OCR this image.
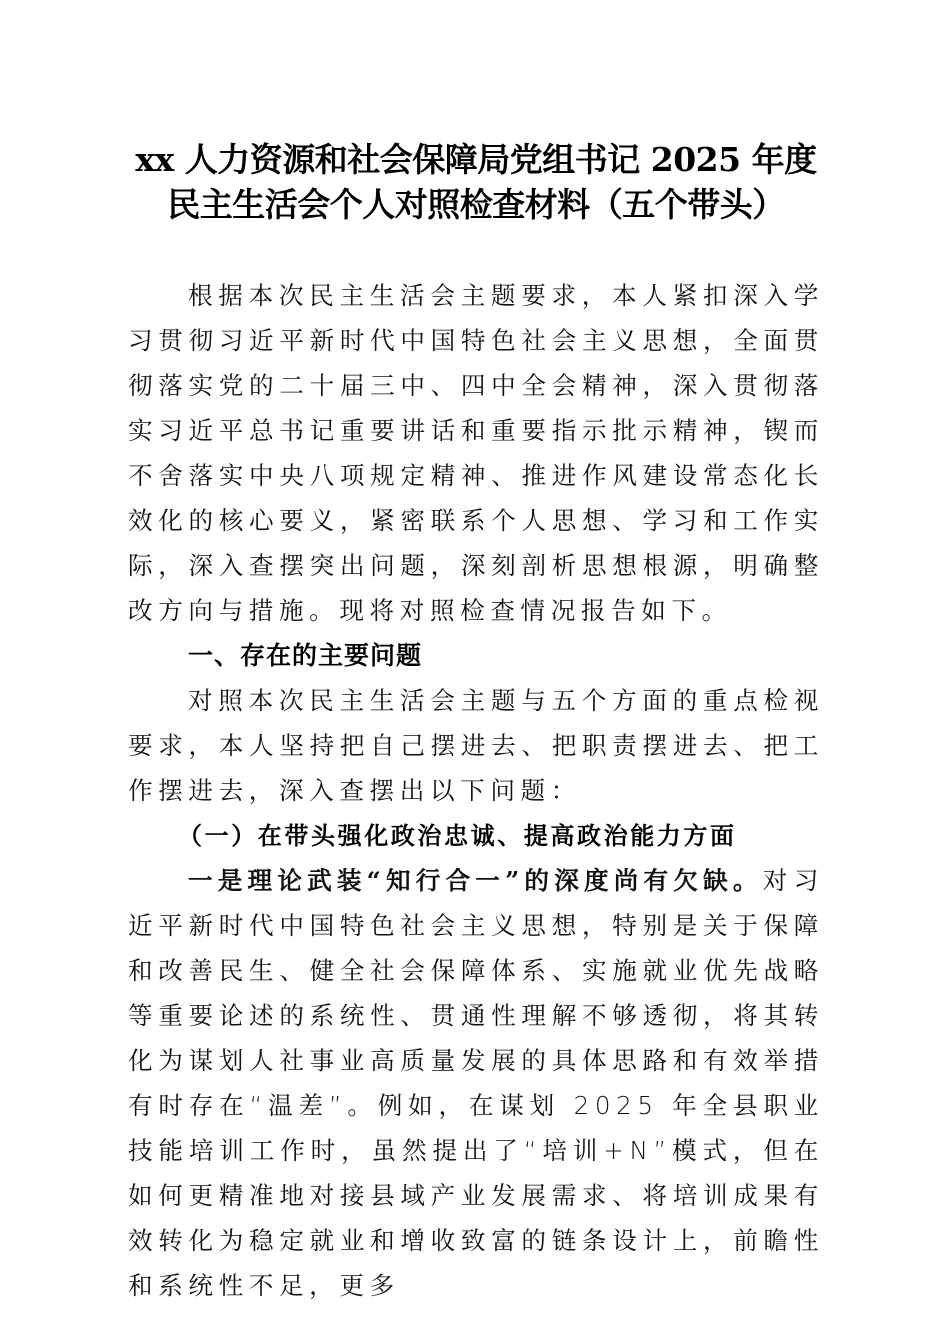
xx 人力资源和社会保障局党组书记 2025 年度
民主生活会个人对照检查材料（五个带头）

根据本次民主生活会主题要求，本人紧扣深入学习贯彻习近平新时代中国特色社会主义思想，全面贯彻落实党的二十届三中、四中全会精神，深入贯彻落实习近平总书记重要讲话和重要指示批示精神，锲而不舍落实中央八项规定精神、推进作风建设常态化长效化的核心要义，紧密联系个人思想、学习和工作实际，深入查摆突出问题，深刻剖析思想根源，明确整改方向与措施。现将对照检查情况报告如下。

一、存在的主要问题

对照本次民主生活会主题与五个方面的重点检视要求，本人坚持把自己摆进去、把职责摆进去、把工作摆进去，深入查摆出以下问题：

（一）在带头强化政治忠诚、提高政治能力方面

一是理论武装“知行合一”的深度尚有欠缺。对习近平新时代中国特色社会主义思想，特别是关于保障和改善民生、健全社会保障体系、实施就业优先战略等重要论述的系统性、贯通性理解不够透彻，将其转化为谋划人社事业高质量发展的具体思路和有效举措有时存在“温差”。例如，在谋划 2025 年全县职业技能培训工作时，虽然提出了“培训+N”模式，但在如何更精准地对接县域产业发展需求、将培训成果有效转化为稳定就业和增收致富的链条设计上，前瞻性和系统性不足，更多
